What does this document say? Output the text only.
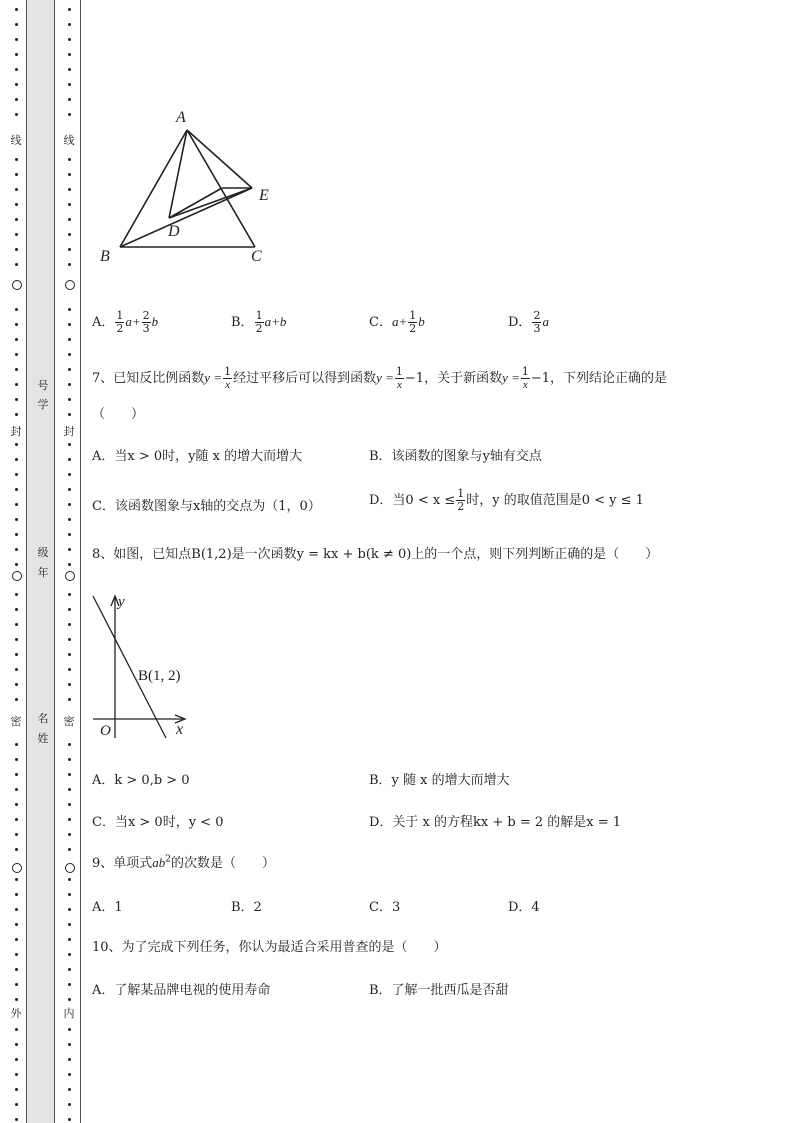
线
封
密
外
线
封
密
内
号
学
级
年
名
姓
A
B	C
D
E
A． $\frac{1}{2} a+ \frac{2}{3}$ b	B． $\frac{1}{2} a+b$	C．$a+ \frac{1}{2}$ b	D． $\frac{2}{3}$ a
7、已知反比例函数$y = \frac{1}{x}$ 经过平移后可以得到函数$y = \frac{1}{x} -1$，关于新函数$y = \frac{1}{x} -1$，下列结论正确的是
（　　）
A．当x > 0时，y随 x 的增大而增大	B．该函数的图象与y轴有交点
C．该函数图象与x轴的交点为（1，0）	D．当$0 < x \le \frac{1}{2}$ 时，y 的取值范围是0 < y ≤ 1
8、如图，已知点B(1,2)是一次函数y = kx + b(k ≠ 0)上的一个点，则下列判断正确的是（　　）
y
x
O
B(1, 2)
A．k > 0,b > 0	B．y 随 x 的增大而增大
C．当x > 0时，y < 0	D．关于 x 的方程kx + b = 2 的解是x = 1
9、单项式$ab^2$的次数是（　　）
A．1	B．2	C．3	D．4
10、为了完成下列任务，你认为最适合采用普查的是（　　）
A．了解某品牌电视的使用寿命	B．了解一批西瓜是否甜
